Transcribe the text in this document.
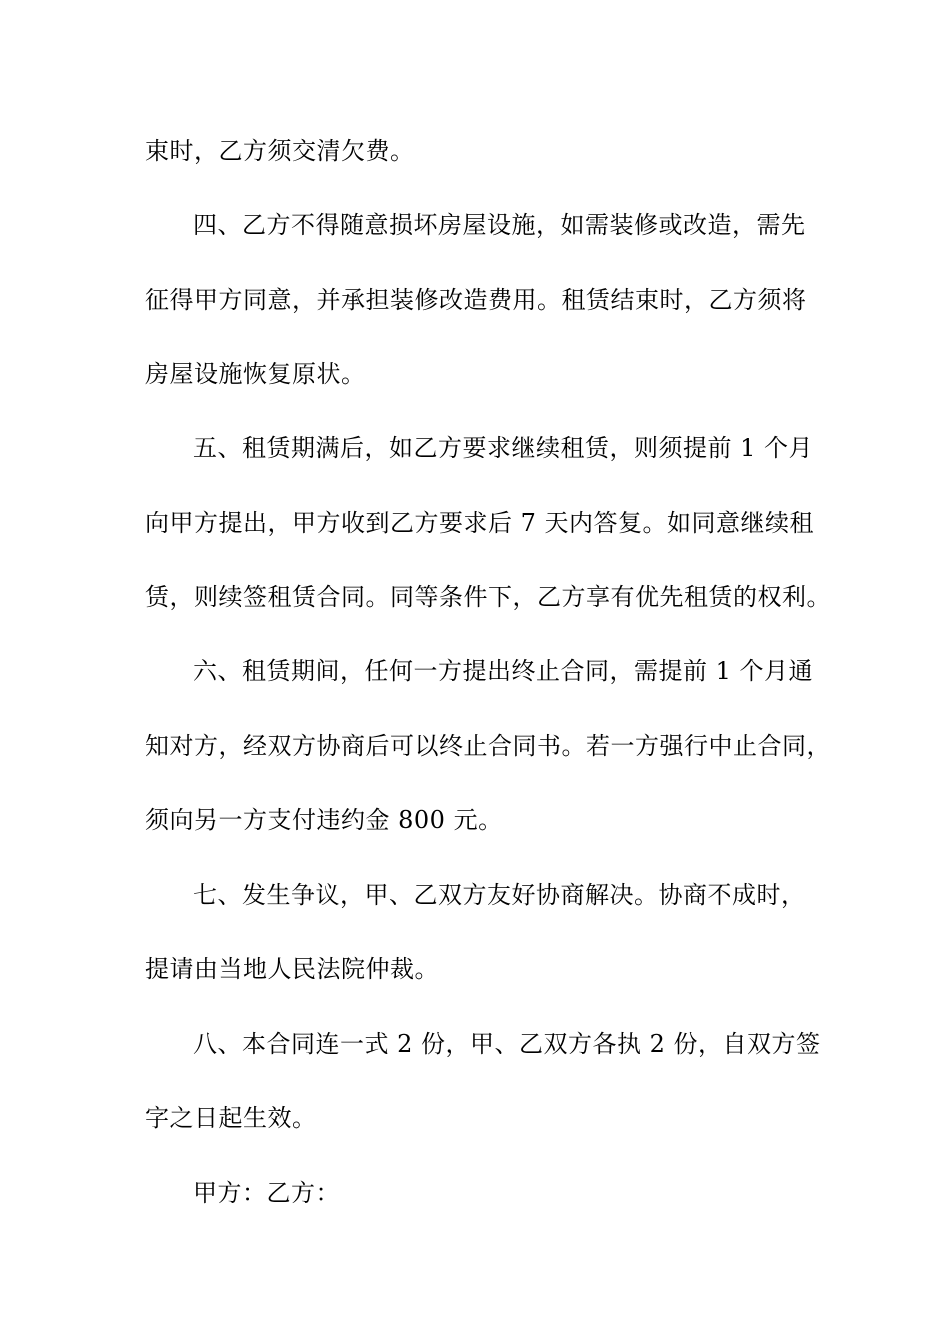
束时，乙方须交清欠费。
四、乙方不得随意损坏房屋设施，如需装修或改造，需先
征得甲方同意，并承担装修改造费用。租赁结束时，乙方须将
房屋设施恢复原状。
五、租赁期满后，如乙方要求继续租赁，则须提前 1 个月
向甲方提出，甲方收到乙方要求后 7 天内答复。如同意继续租
赁，则续签租赁合同。同等条件下，乙方享有优先租赁的权利。
六、租赁期间，任何一方提出终止合同，需提前 1 个月通
知对方，经双方协商后可以终止合同书。若一方强行中止合同，
须向另一方支付违约金 800 元。
七、发生争议，甲、乙双方友好协商解决。协商不成时，
提请由当地人民法院仲裁。
八、本合同连一式 2 份，甲、乙双方各执 2 份，自双方签
字之日起生效。
甲方：乙方：
